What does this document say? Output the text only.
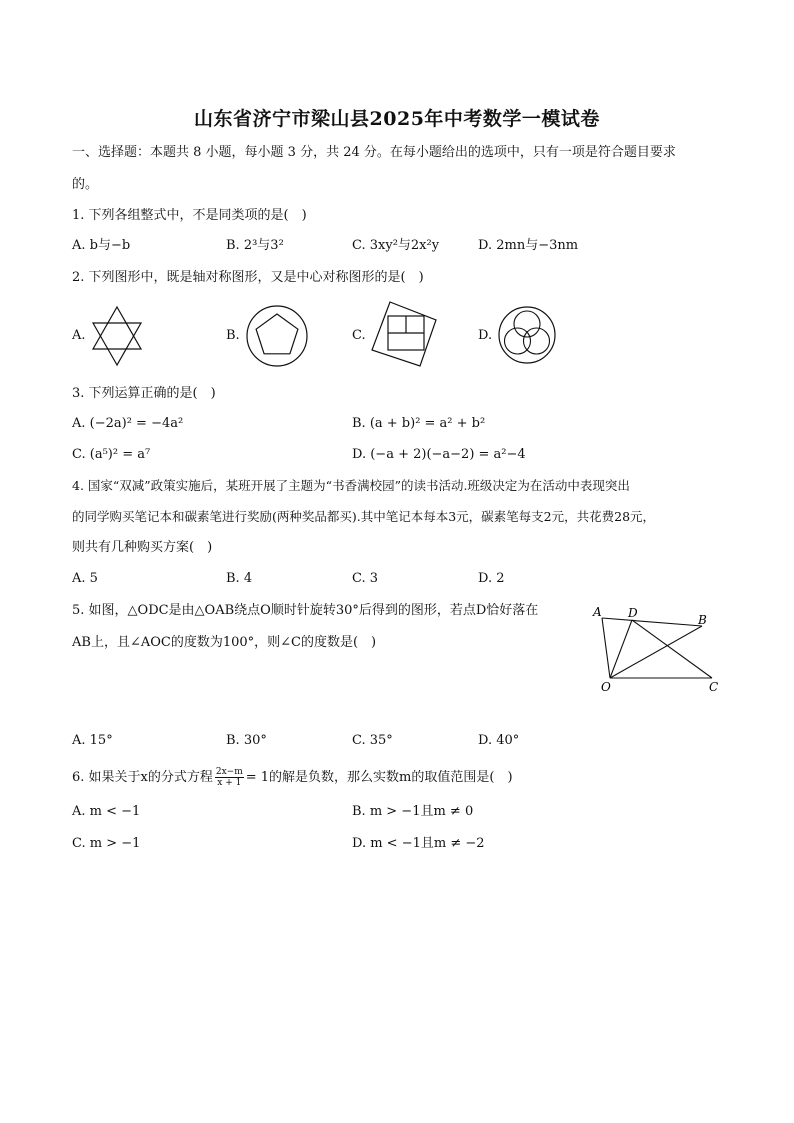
山东省济宁市梁山县2025年中考数学一模试卷
一、选择题：本题共 8 小题，每小题 3 分，共 24 分。在每小题给出的选项中，只有一项是符合题目要求
的。
1. 下列各组整式中，不是同类项的是(　)
A. b与−b	B. 2³与3²	C. 3xy²与2x²y	D. 2mn与−3nm
2. 下列图形中，既是轴对称图形，又是中心对称图形的是(　)
A.	B.	C.	D.
3. 下列运算正确的是(　)
A. (−2a)² = −4a²	B. (a + b)² = a² + b²
C. (a⁵)² = a⁷	D. (−a + 2)(−a−2) = a²−4
4. 国家“双减”政策实施后，某班开展了主题为“书香满校园”的读书活动.班级决定为在活动中表现突出
的同学购买笔记本和碳素笔进行奖励(两种奖品都买).其中笔记本每本3元，碳素笔每支2元，共花费28元，
则共有几种购买方案(　)
A. 5	B. 4	C. 3	D. 2
5. 如图，△ODC是由△OAB绕点O顺时针旋转30°后得到的图形，若点D恰好落在
AB上，且∠AOC的度数为100°，则∠C的度数是(　)
A D	B
O	C
A. 15°	B. 30°	C. 35°	D. 40°
6. 如果关于x的分式方程 $\frac{2x-m}{x + 1} = 1$的解是负数，那么实数m的取值范围是(　)
A. m < −1	B. m > −1且m ≠ 0
C. m > −1	D. m < −1且m ≠ −2
